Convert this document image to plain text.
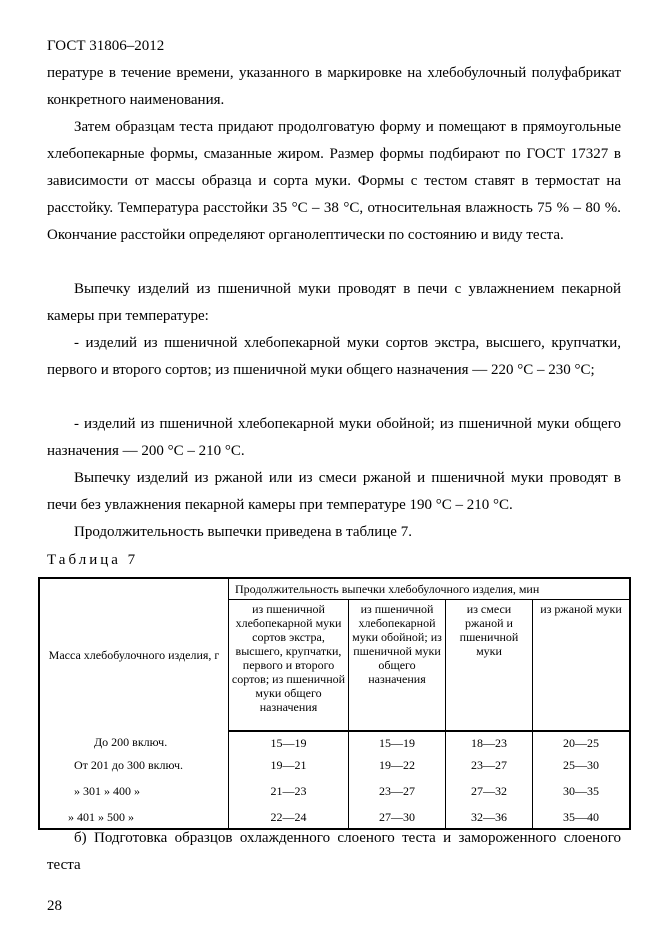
ГОСТ 31806–2012

пературе в течение времени, указанного в маркировке на хлебобулочный полуфабрикат конкретного наименования.

Затем образцам теста придают продолговатую форму и помещают в прямоугольные хлебопекарные формы, смазанные жиром. Размер формы подбирают по ГОСТ 17327 в зависимости от массы образца и сорта муки. Формы с тестом ставят в термостат на расстойку. Температура расстойки 35 °С – 38 °С, относительная влажность 75 % – 80 %. Окончание расстойки определяют органолептически по состоянию и виду теста.

Выпечку изделий из пшеничной муки проводят в печи с увлажнением пекарной камеры при температуре:

- изделий из пшеничной хлебопекарной муки сортов экстра, высшего, крупчатки, первого и второго сортов; из пшеничной муки общего назначения — 220 °С – 230 °С;

- изделий из пшеничной хлебопекарной муки обойной; из пшеничной муки общего назначения — 200 °С – 210 °С.

Выпечку изделий из ржаной или из смеси ржаной и пшеничной муки проводят в печи без увлажнения пекарной камеры при температуре 190 °С – 210 °С.

Продолжительность выпечки приведена в таблице 7.

Таблица 7
Масса хлебобулочного изделия, г	Продолжительность выпечки хлебобулочного изделия, мин			
	из пшеничной хлебопекарной муки сортов экстра, высшего, крупчатки, первого и второго сортов; из пшеничной муки общего назначения	из пшеничной хлебопекарной муки обойной; из пшеничной муки общего назначения	из смеси ржаной и пшеничной муки	из ржаной муки
До 200 включ.	15—19	15—19	18—23	20—25
От 201 до 300 включ.	19—21	19—22	23—27	25—30
» 301 » 400 »	21—23	23—27	27—32	30—35
» 401 » 500 »	22—24	27—30	32—36	35—40

б) Подготовка образцов охлажденного слоеного теста и замороженного слоеного теста

28
